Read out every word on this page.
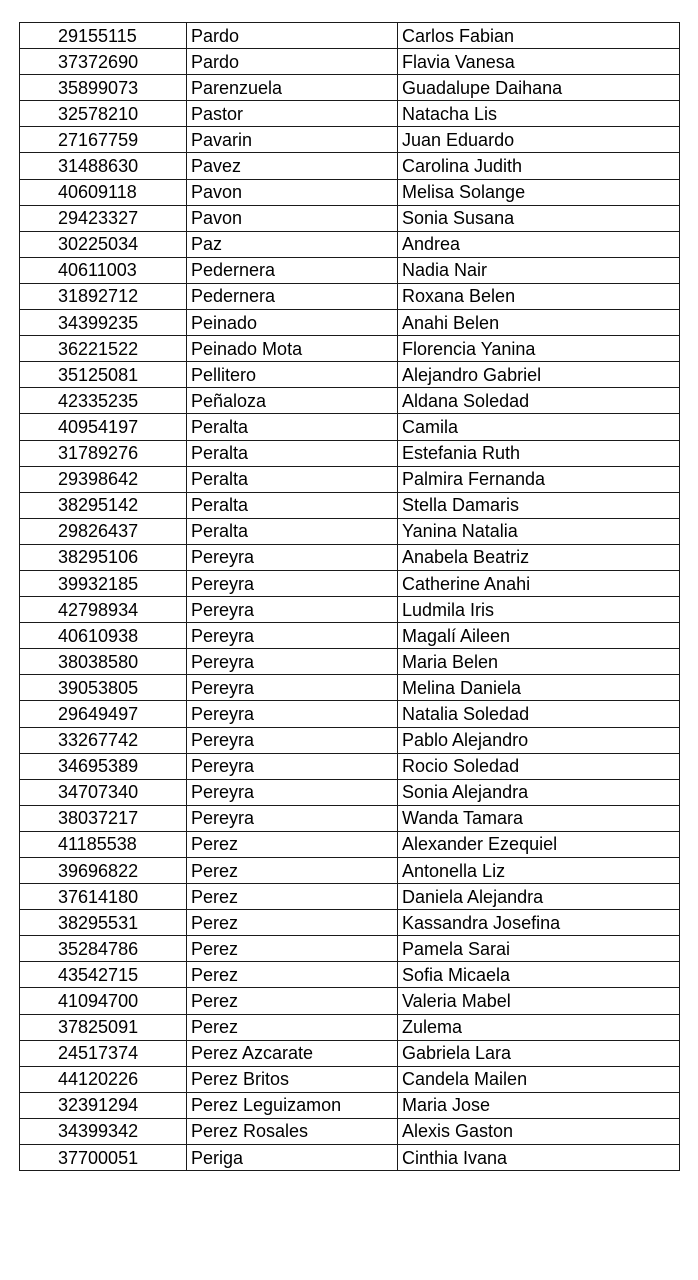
29155115	Pardo	Carlos Fabian
37372690	Pardo	Flavia Vanesa
35899073	Parenzuela	Guadalupe Daihana
32578210	Pastor	Natacha Lis
27167759	Pavarin	Juan Eduardo
31488630	Pavez	Carolina Judith
40609118	Pavon	Melisa Solange
29423327	Pavon	Sonia Susana
30225034	Paz	Andrea
40611003	Pedernera	Nadia Nair
31892712	Pedernera	Roxana Belen
34399235	Peinado	Anahi Belen
36221522	Peinado Mota	Florencia Yanina
35125081	Pellitero	Alejandro Gabriel
42335235	Peñaloza	Aldana Soledad
40954197	Peralta	Camila
31789276	Peralta	Estefania Ruth
29398642	Peralta	Palmira Fernanda
38295142	Peralta	Stella Damaris
29826437	Peralta	Yanina Natalia
38295106	Pereyra	Anabela Beatriz
39932185	Pereyra	Catherine Anahi
42798934	Pereyra	Ludmila Iris
40610938	Pereyra	Magalí Aileen
38038580	Pereyra	Maria Belen
39053805	Pereyra	Melina Daniela
29649497	Pereyra	Natalia Soledad
33267742	Pereyra	Pablo Alejandro
34695389	Pereyra	Rocio Soledad
34707340	Pereyra	Sonia Alejandra
38037217	Pereyra	Wanda Tamara
41185538	Perez	Alexander Ezequiel
39696822	Perez	Antonella Liz
37614180	Perez	Daniela Alejandra
38295531	Perez	Kassandra Josefina
35284786	Perez	Pamela Sarai
43542715	Perez	Sofia Micaela
41094700	Perez	Valeria Mabel
37825091	Perez	Zulema
24517374	Perez Azcarate	Gabriela Lara
44120226	Perez Britos	Candela Mailen
32391294	Perez Leguizamon	Maria Jose
34399342	Perez Rosales	Alexis Gaston
37700051	Periga	Cinthia Ivana
